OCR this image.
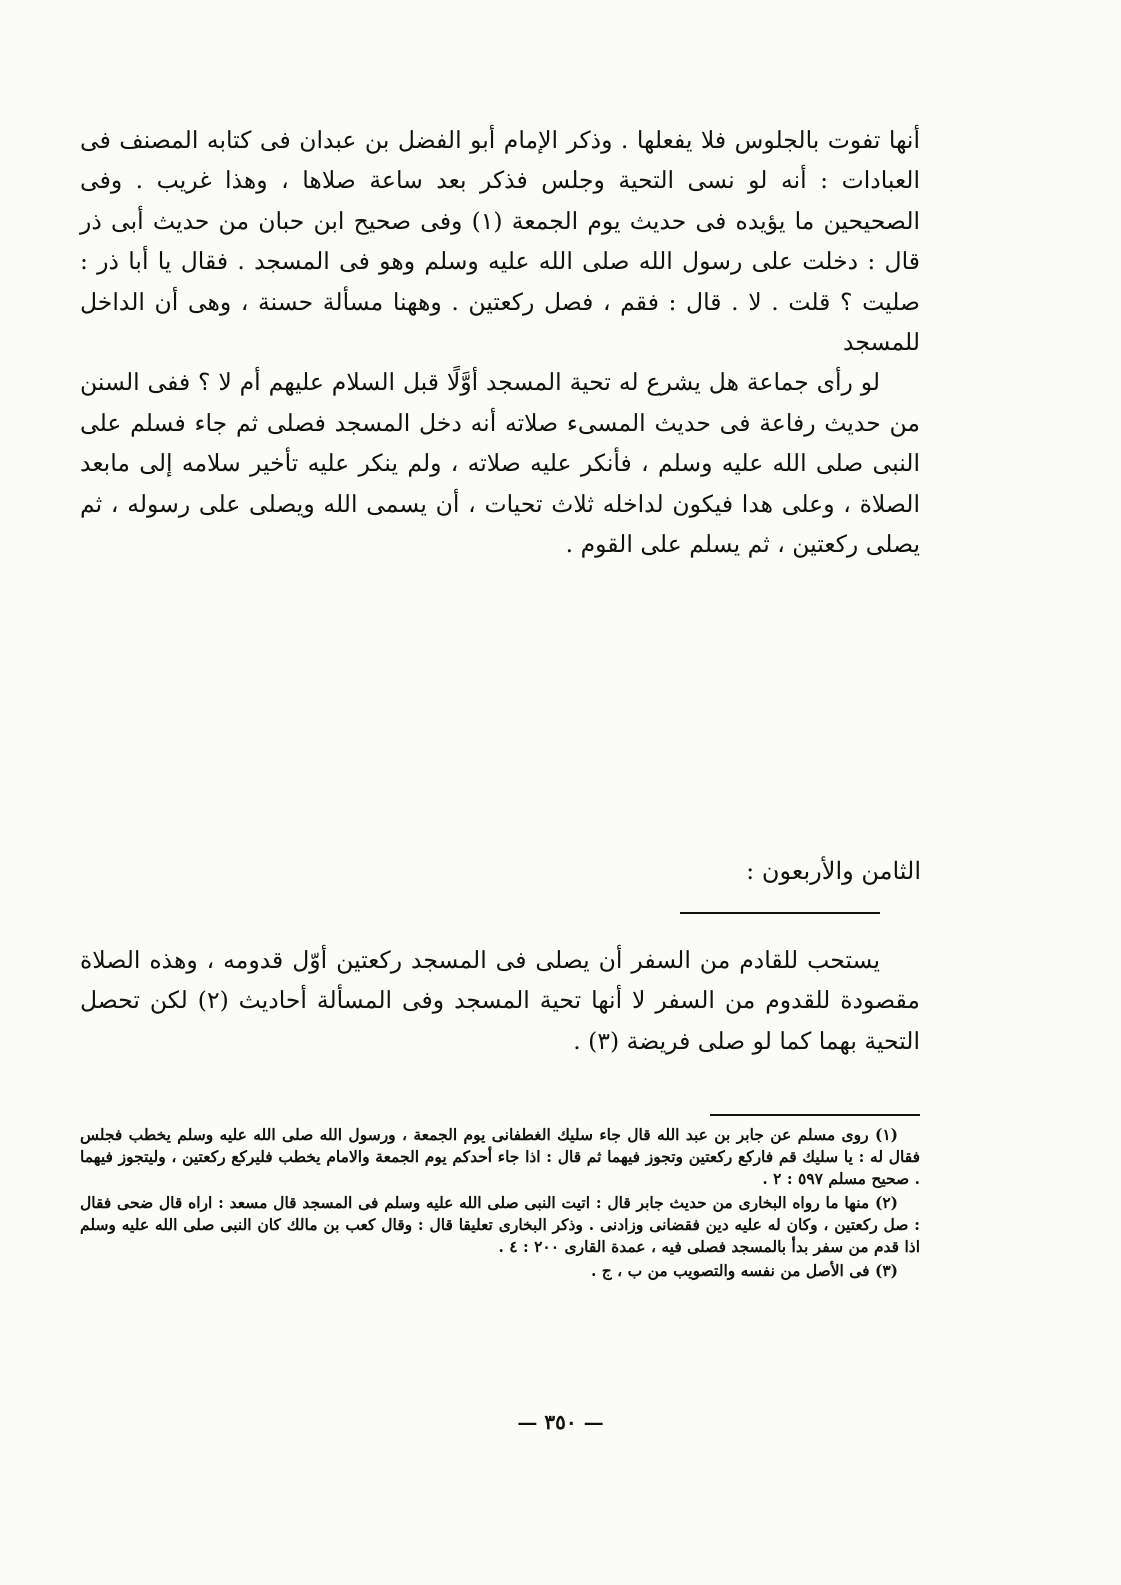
أنها تفوت بالجلوس فلا يفعلها . وذكر الإمام أبو الفضل بن عبدان فى كتابه المصنف فى العبادات : أنه لو نسى التحية وجلس فذكر بعد ساعة صلاها ، وهذا غريب . وفى الصحيحين ما يؤيده فى حديث يوم الجمعة (١) وفى صحيح ابن حبان من حديث أبى ذر قال : دخلت على رسول الله صلى الله عليه وسلم وهو فى المسجد . فقال يا أبا ذر : صليت ؟ قلت . لا . قال : فقم ، فصل ركعتين . وههنا مسألة حسنة ، وهى أن الداخل للمسجد

لو رأى جماعة هل يشرع له تحية المسجد أوَّلًا قبل السلام عليهم أم لا ؟ ففى السنن من حديث رفاعة فى حديث المسىء صلاته أنه دخل المسجد فصلى ثم جاء فسلم على النبى صلى الله عليه وسلم ، فأنكر عليه صلاته ، ولم ينكر عليه تأخير سلامه إلى مابعد الصلاة ، وعلى هدا فيكون لداخله ثلاث تحيات ، أن يسمى الله ويصلى على رسوله ، ثم يصلى ركعتين ، ثم يسلم على القوم .

الثامن والأربعون :

يستحب للقادم من السفر أن يصلى فى المسجد ركعتين أوّل قدومه ، وهذه الصلاة مقصودة للقدوم من السفر لا أنها تحية المسجد وفى المسألة أحاديث (٢) لكن تحصل التحية بهما كما لو صلى فريضة (٣) .

(١) روى مسلم عن جابر بن عبد الله قال جاء سليك الغطفانى يوم الجمعة ، ورسول الله صلى الله عليه وسلم يخطب فجلس فقال له : يا سليك قم فاركع ركعتين وتجوز فيهما ثم قال : اذا جاء أحدكم يوم الجمعة والامام يخطب فليركع ركعتين ، وليتجوز فيهما . صحيح مسلم ٥٩٧ : ٢ .

(٢) منها ما رواه البخارى من حديث جابر قال : اتيت النبى صلى الله عليه وسلم فى المسجد قال مسعد : اراه قال ضحى فقال : صل ركعتين ، وكان له عليه دين فقضانى وزادنى . وذكر البخارى تعليقا قال : وقال كعب بن مالك كان النبى صلى الله عليه وسلم اذا قدم من سفر بدأ بالمسجد فصلى فيه ، عمدة القارى ٢٠٠ : ٤ .

(٣) فى الأصل من نفسه والتصويب من ب ، ج .

— ٣٥٠ —
